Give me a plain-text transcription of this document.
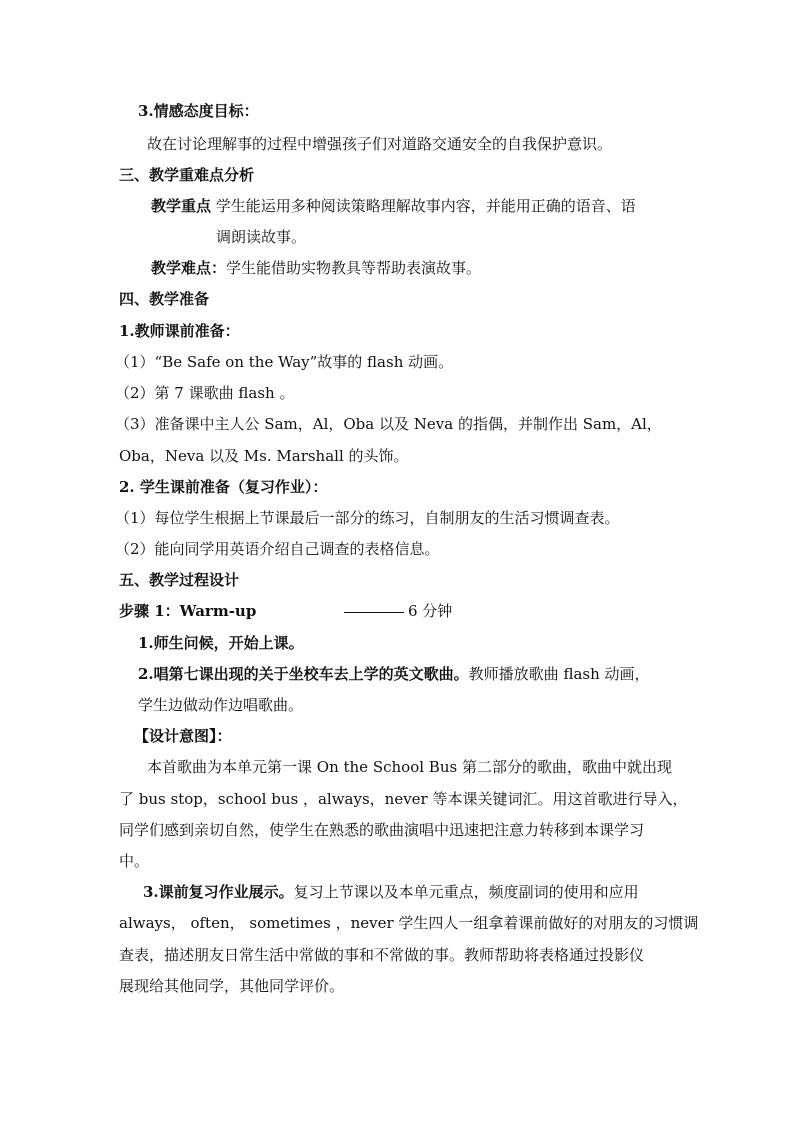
3.情感态度目标：
故在讨论理解事的过程中增强孩子们对道路交通安全的自我保护意识。
三、教学重难点分析
教学重点 学生能运用多种阅读策略理解故事内容，并能用正确的语音、语
调朗读故事。
教学难点：学生能借助实物教具等帮助表演故事。
四、教学准备
1.教师课前准备：
（1）“Be Safe on the Way”故事的 flash 动画。
（2）第 7 课歌曲 flash 。
（3）准备课中主人公 Sam，Al，Oba 以及 Neva 的指偶，并制作出 Sam，Al，
Oba，Neva 以及 Ms. Marshall 的头饰。
2. 学生课前准备（复习作业）：
（1）每位学生根据上节课最后一部分的练习，自制朋友的生活习惯调查表。
（2）能向同学用英语介绍自己调查的表格信息。
五、教学过程设计
步骤 1：Warm-up	6 分钟
1.师生问候，开始上课。
2.唱第七课出现的关于坐校车去上学的英文歌曲。教师播放歌曲 flash 动画，
学生边做动作边唱歌曲。
【设计意图】：
本首歌曲为本单元第一课 On the School Bus 第二部分的歌曲，歌曲中就出现
了 bus stop，school bus ，always，never 等本课关键词汇。用这首歌进行导入，
同学们感到亲切自然，使学生在熟悉的歌曲演唱中迅速把注意力转移到本课学习
中。
3.课前复习作业展示。复习上节课以及本单元重点，频度副词的使用和应用
always， often， sometimes ，never 学生四人一组拿着课前做好的对朋友的习惯调
查表，描述朋友日常生活中常做的事和不常做的事。教师帮助将表格通过投影仪
展现给其他同学，其他同学评价。
